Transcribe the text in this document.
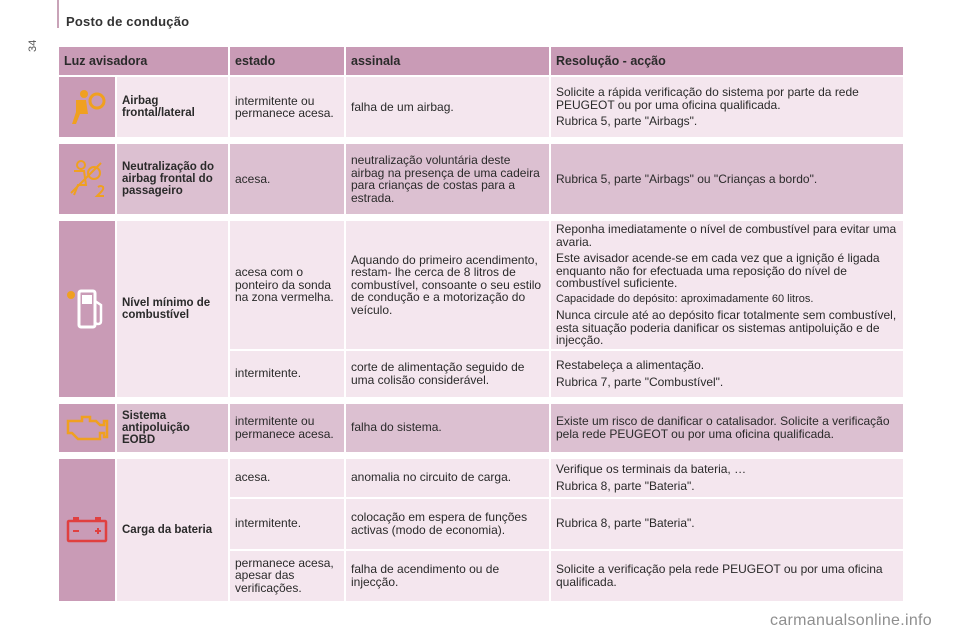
Posto de condução
34
Luz avisadora		estado	assinala	Resolução - acção
	Airbag frontal/lateral	intermitente ou permanece acesa.	falha de um airbag.	Solicite a rápida verificação do sistema por parte da rede PEUGEOT ou por uma oficina qualificada.

Rubrica 5, parte "Airbags".

	Neutralização do airbag frontal do passageiro	acesa.	neutralização voluntária deste airbag na presença de uma cadeira para crianças de costas para a estrada.	Rubrica 5, parte "Airbags" ou "Crianças a bordo".

	Nível mínimo de combustível	acesa com o ponteiro da sonda na zona vermelha.	Aquando do primeiro acendimento, restam- lhe cerca de 8 litros de combustível, consoante o seu estilo de condução e a motorização do veículo.	Reponha imediatamente o nível de combustível para evitar uma avaria.

Este avisador acende-se em cada vez que a ignição é ligada enquanto não for efectuada uma reposição do nível de combustível suficiente.

Capacidade do depósito: aproximadamente 60 litros.

Nunca circule até ao depósito ficar totalmente sem combustível, esta situação poderia danificar os sistemas antipoluição e de injecção.

		intermitente.	corte de alimentação seguido de uma colisão considerável.	Restabeleça a alimentação.

Rubrica 7, parte "Combustível".

	Sistema antipoluição EOBD	intermitente ou permanece acesa.	falha do sistema.	Existe um risco de danificar o catalisador. Solicite a verificação pela rede PEUGEOT ou por uma oficina qualificada.

	Carga da bateria	acesa.	anomalia no circuito de carga.	Verifique os terminais da bateria, …

Rubrica 8, parte "Bateria".

		intermitente.	colocação em espera de funções activas (modo de economia).	Rubrica 8, parte "Bateria".

		permanece acesa, apesar das verificações.	falha de acendimento ou de injecção.	Solicite a verificação pela rede PEUGEOT ou por uma oficina qualificada.

carmanualsonline.info
